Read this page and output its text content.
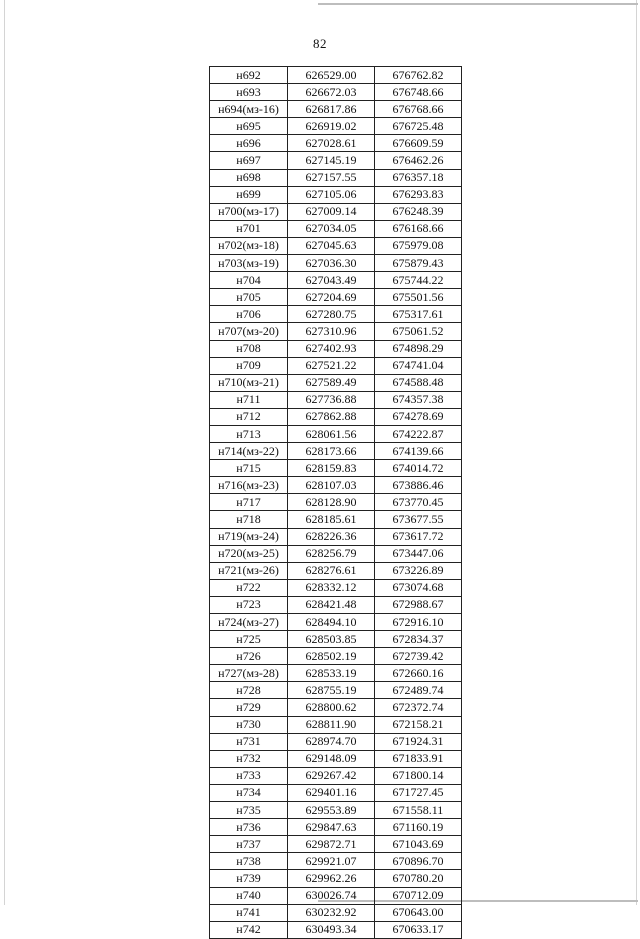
82
н692	626529.00	676762.82
н693	626672.03	676748.66
н694(мз-16)	626817.86	676768.66
н695	626919.02	676725.48
н696	627028.61	676609.59
н697	627145.19	676462.26
н698	627157.55	676357.18
н699	627105.06	676293.83
н700(мз-17)	627009.14	676248.39
н701	627034.05	676168.66
н702(мз-18)	627045.63	675979.08
н703(мз-19)	627036.30	675879.43
н704	627043.49	675744.22
н705	627204.69	675501.56
н706	627280.75	675317.61
н707(мз-20)	627310.96	675061.52
н708	627402.93	674898.29
н709	627521.22	674741.04
н710(мз-21)	627589.49	674588.48
н711	627736.88	674357.38
н712	627862.88	674278.69
н713	628061.56	674222.87
н714(мз-22)	628173.66	674139.66
н715	628159.83	674014.72
н716(мз-23)	628107.03	673886.46
н717	628128.90	673770.45
н718	628185.61	673677.55
н719(мз-24)	628226.36	673617.72
н720(мз-25)	628256.79	673447.06
н721(мз-26)	628276.61	673226.89
н722	628332.12	673074.68
н723	628421.48	672988.67
н724(мз-27)	628494.10	672916.10
н725	628503.85	672834.37
н726	628502.19	672739.42
н727(мз-28)	628533.19	672660.16
н728	628755.19	672489.74
н729	628800.62	672372.74
н730	628811.90	672158.21
н731	628974.70	671924.31
н732	629148.09	671833.91
н733	629267.42	671800.14
н734	629401.16	671727.45
н735	629553.89	671558.11
н736	629847.63	671160.19
н737	629872.71	671043.69
н738	629921.07	670896.70
н739	629962.26	670780.20
н740	630026.74	670712.09
н741	630232.92	670643.00
н742	630493.34	670633.17
